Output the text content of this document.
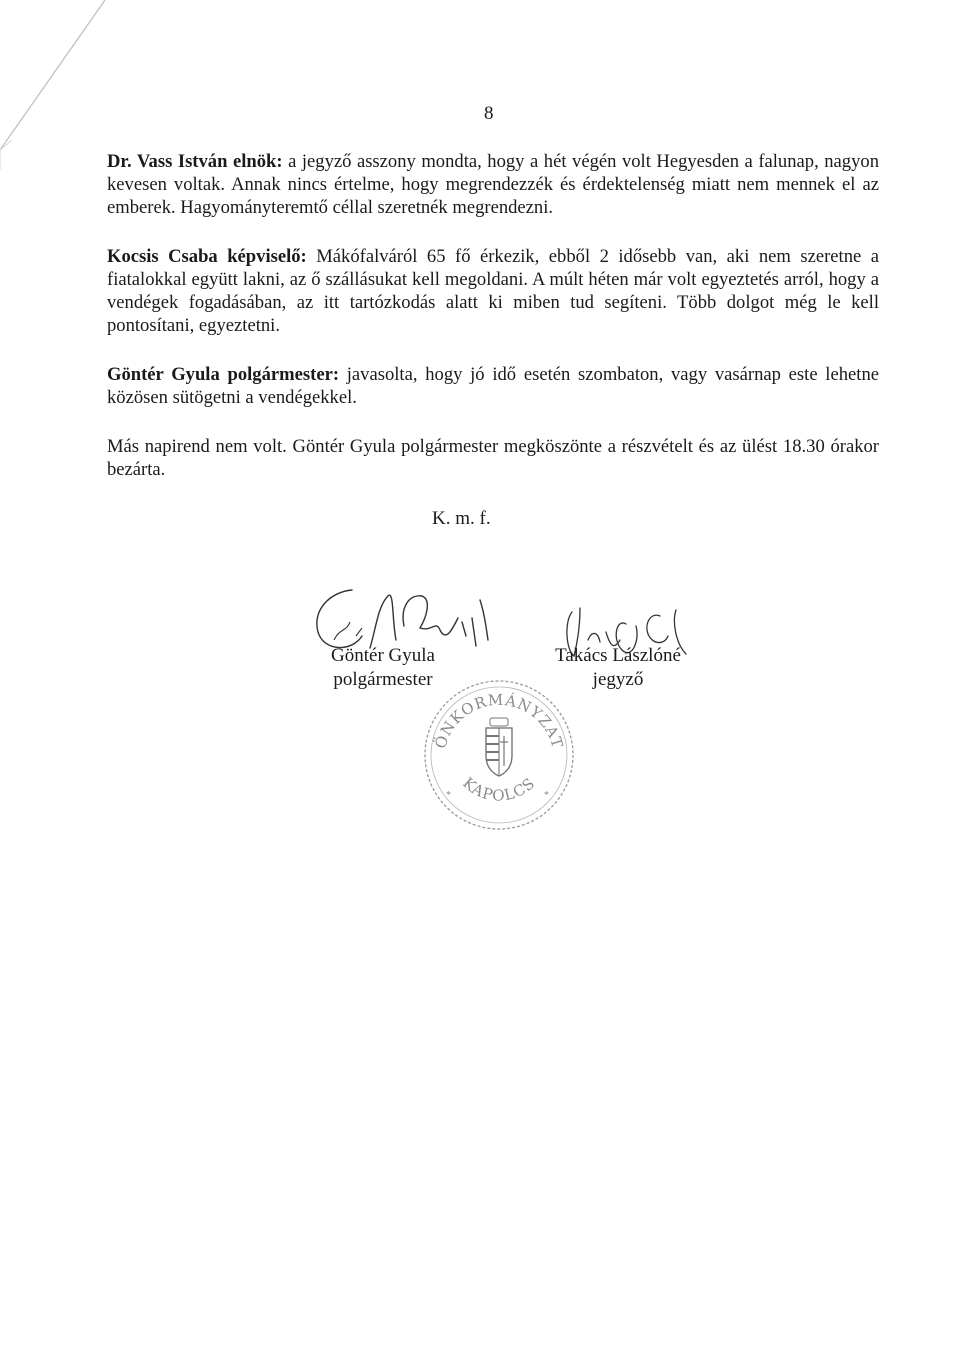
8

Dr. Vass István elnök: a jegyző asszony mondta, hogy a hét végén volt Hegyesden a falunap, nagyon kevesen voltak. Annak nincs értelme, hogy megrendezzék és érdektelenség miatt nem mennek el az emberek. Hagyományteremtő céllal szeretnék megrendezni.

Kocsis Csaba képviselő: Mákófalváról 65 fő érkezik, ebből 2 idősebb van, aki nem szeretne a fiatalokkal együtt lakni, az ő szállásukat kell megoldani. A múlt héten már volt egyeztetés arról, hogy a vendégek fogadásában, az itt tartózkodás alatt ki miben tud segíteni. Több dolgot még le kell pontosítani, egyeztetni.

Göntér Gyula polgármester: javasolta, hogy jó idő esetén szombaton, vagy vasárnap este lehetne közösen sütögetni a vendégekkel.

Más napirend nem volt. Göntér Gyula polgármester megköszönte a részvételt és az ülést 18.30 órakor bezárta.

K. m. f.
Göntér Gyula
polgármester
Takács Lászlóné
jegyző
ÖNKORMÁNYZAT
KAPOLCS
*	*
